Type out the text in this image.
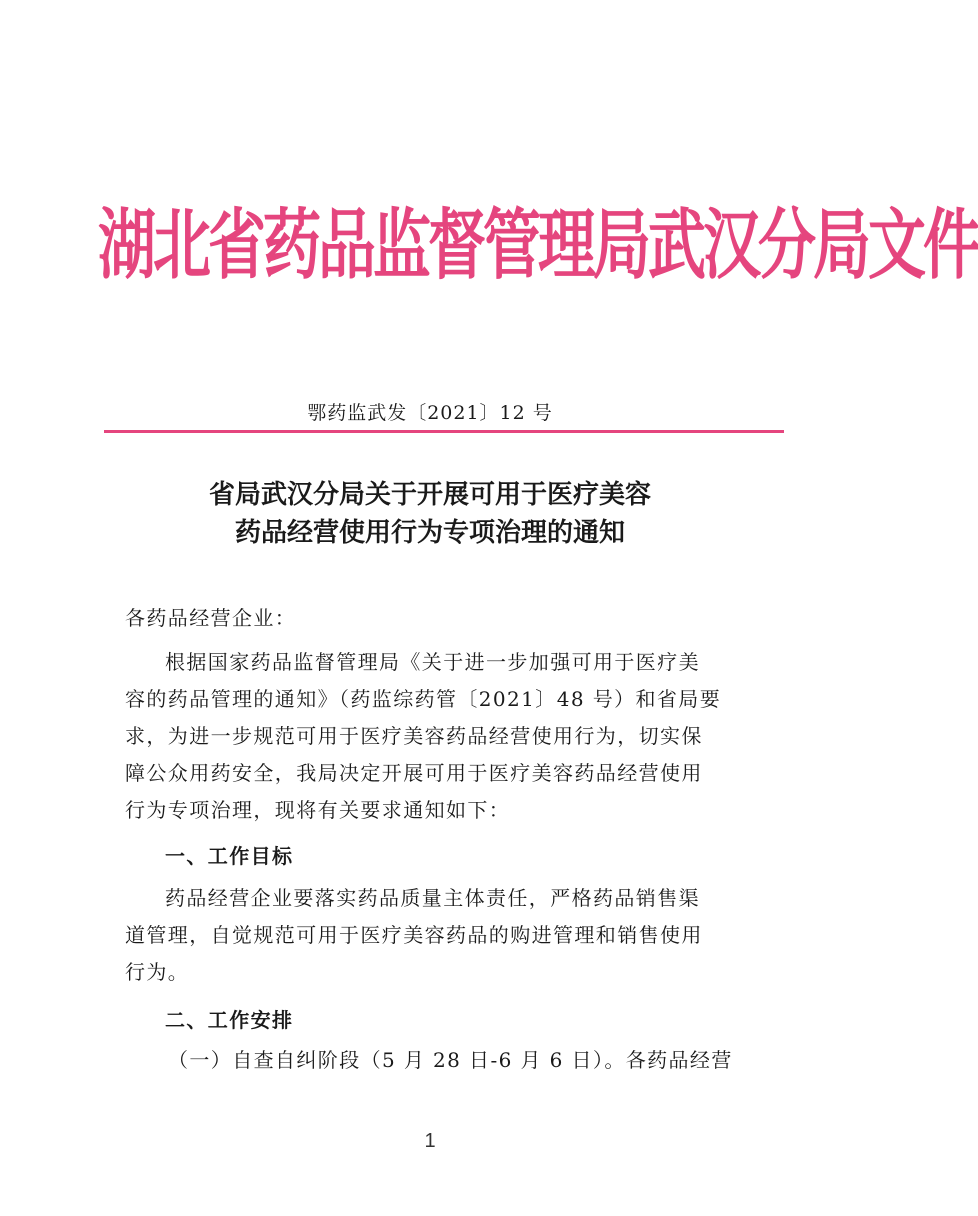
湖北省药品监督管理局武汉分局文件
鄂药监武发〔2021〕12 号
省局武汉分局关于开展可用于医疗美容
药品经营使用行为专项治理的通知
各药品经营企业：
根据国家药品监督管理局《关于进一步加强可用于医疗美
容的药品管理的通知》（药监综药管〔2021〕48 号）和省局要
求，为进一步规范可用于医疗美容药品经营使用行为，切实保
障公众用药安全，我局决定开展可用于医疗美容药品经营使用
行为专项治理，现将有关要求通知如下：
一、工作目标
药品经营企业要落实药品质量主体责任，严格药品销售渠
道管理，自觉规范可用于医疗美容药品的购进管理和销售使用
行为。
二、工作安排
（一）自查自纠阶段（5 月 28 日-6 月 6 日）。各药品经营
1
